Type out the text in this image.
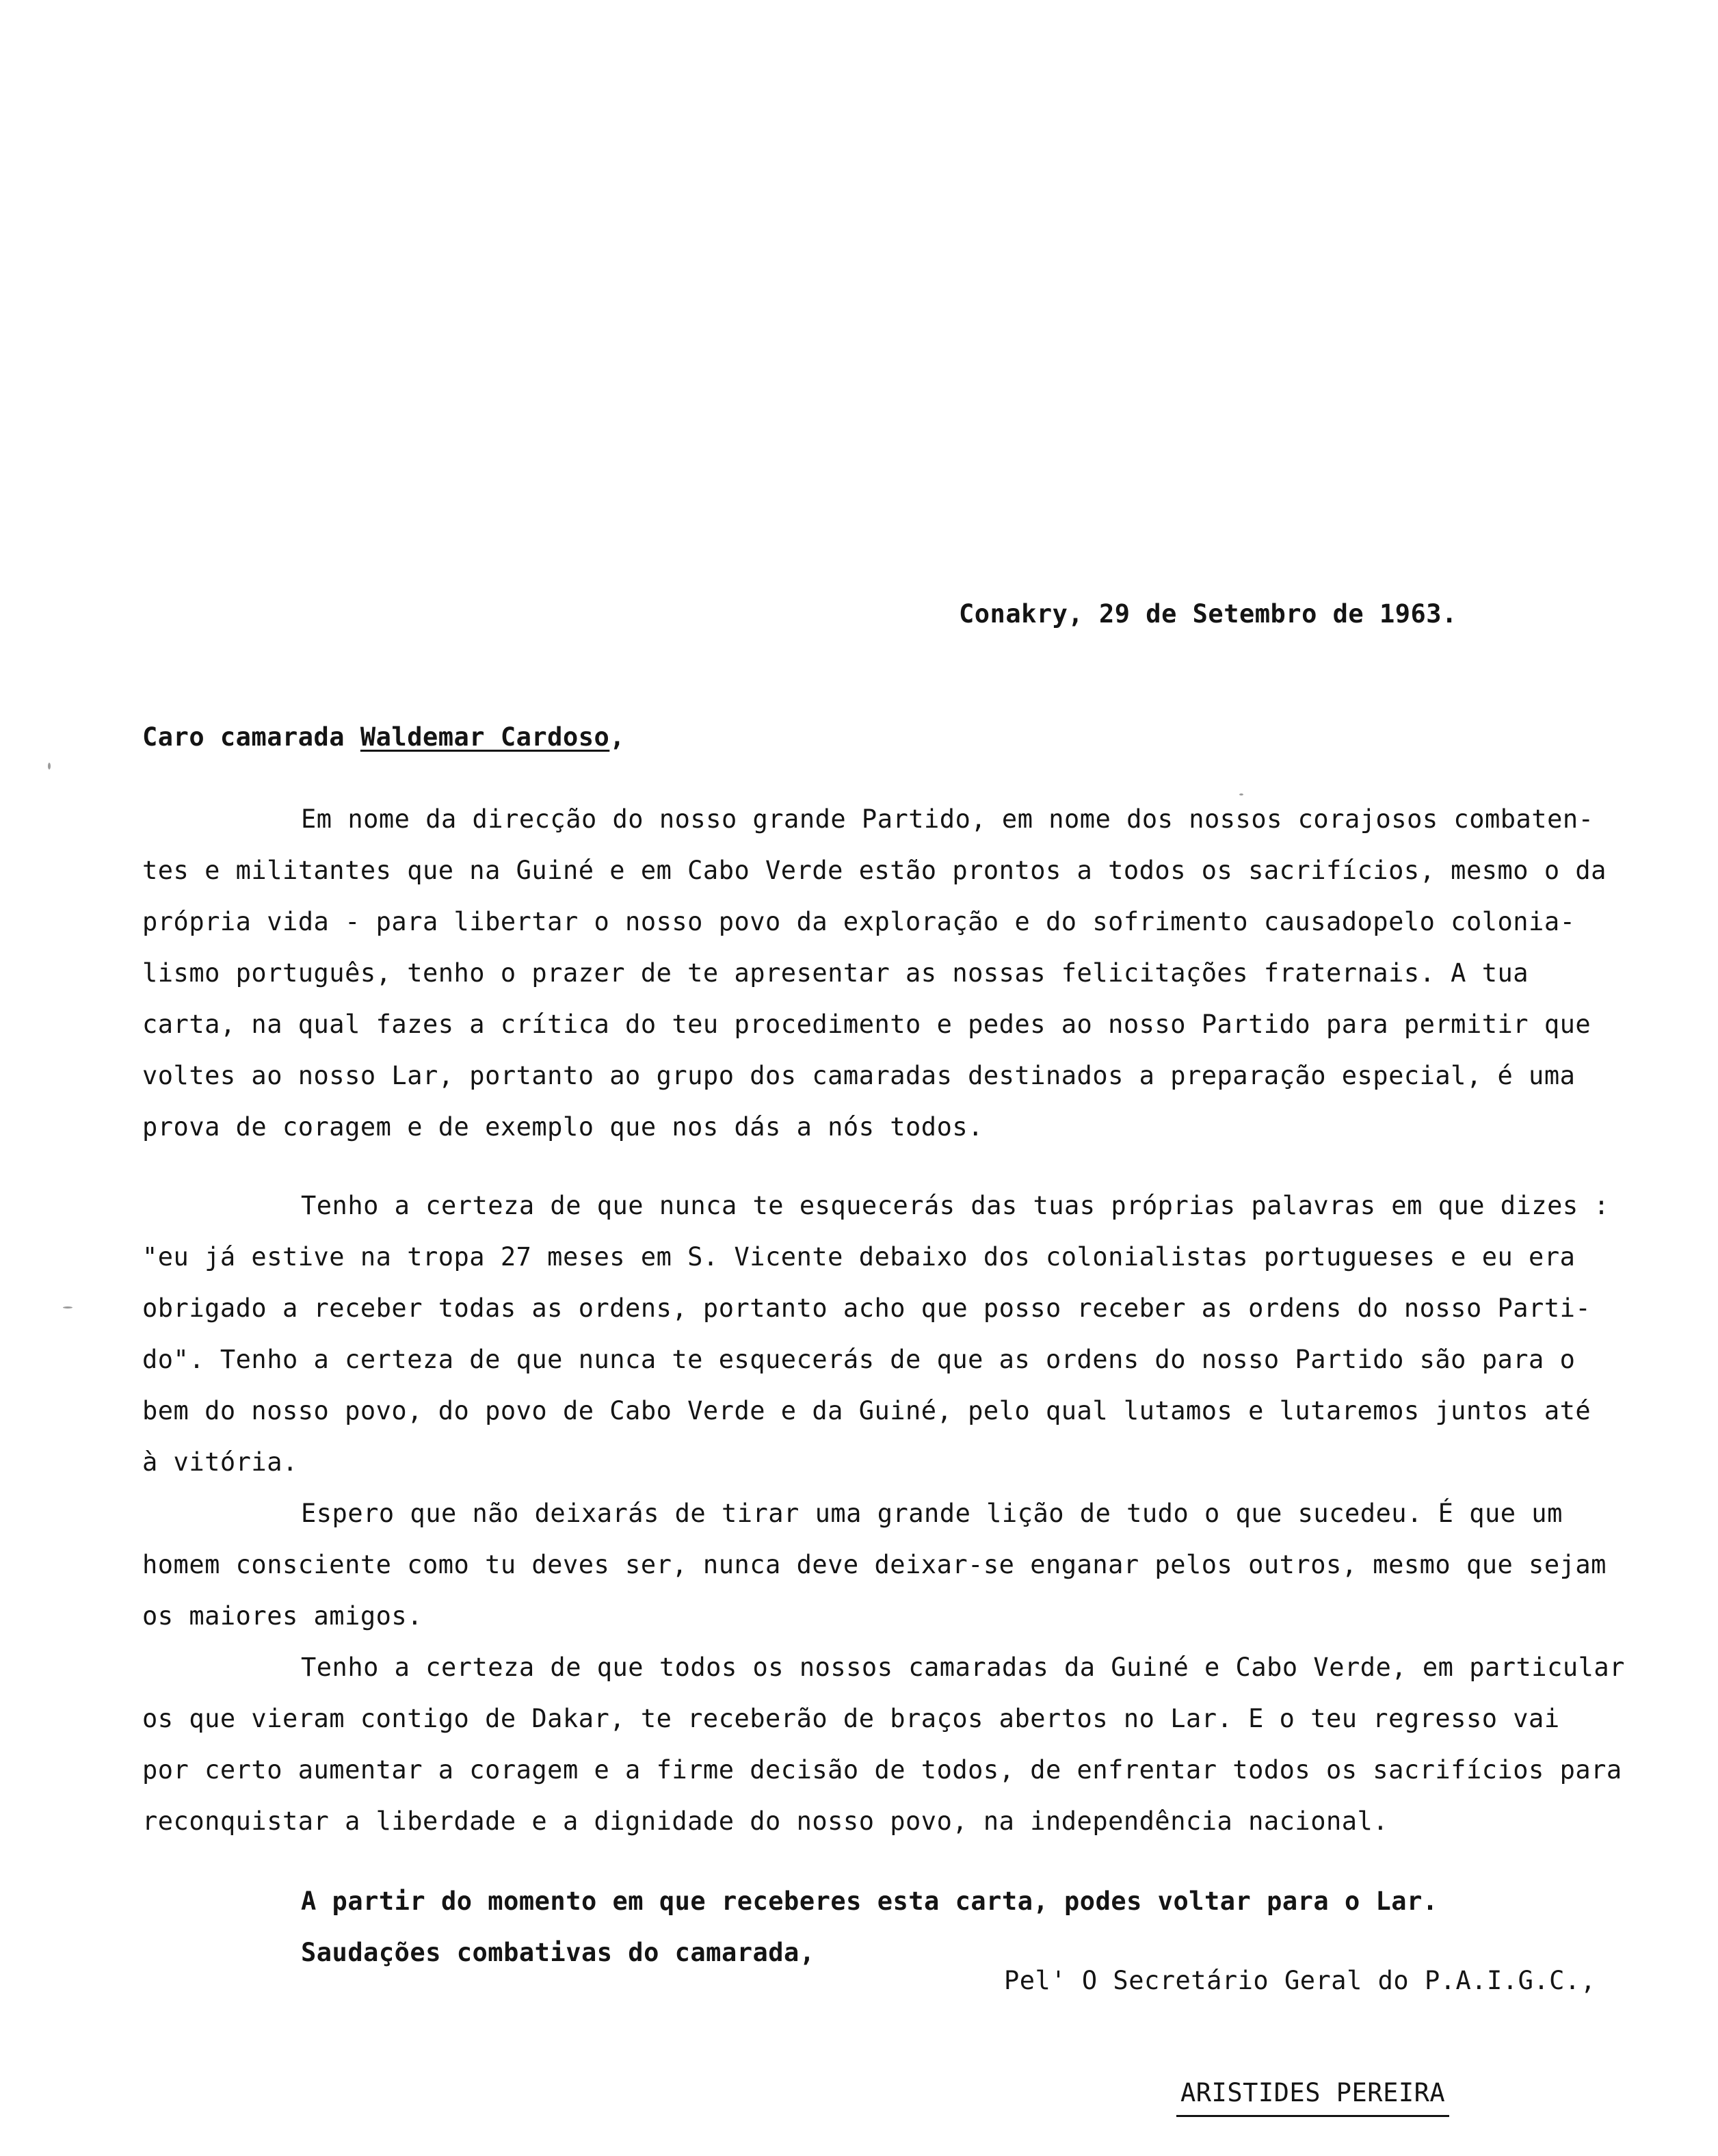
Conakry, 29 de Setembro de 1963.
Caro camarada Waldemar Cardoso,
Em nome da direcção do nosso grande Partido, em nome dos nossos corajosos combaten-
tes e militantes que na Guiné e em Cabo Verde estão prontos a todos os sacrifícios, mesmo o da
própria vida - para libertar o nosso povo da exploração e do sofrimento causadopelo colonia-
lismo português, tenho o prazer de te apresentar as nossas felicitações fraternais. A tua
carta, na qual fazes a crítica do teu procedimento e pedes ao nosso Partido para permitir que
voltes ao nosso Lar, portanto ao grupo dos camaradas destinados a preparação especial, é uma
prova de coragem e de exemplo que nos dás a nós todos.
Tenho a certeza de que nunca te esquecerás das tuas próprias palavras em que dizes :
"eu já estive na tropa 27 meses em S. Vicente debaixo dos colonialistas portugueses e eu era
obrigado a receber todas as ordens, portanto acho que posso receber as ordens do nosso Parti-
do". Tenho a certeza de que nunca te esquecerás de que as ordens do nosso Partido são para o
bem do nosso povo, do povo de Cabo Verde e da Guiné, pelo qual lutamos e lutaremos juntos até
à vitória.
Espero que não deixarás de tirar uma grande lição de tudo o que sucedeu. É que um
homem consciente como tu deves ser, nunca deve deixar-se enganar pelos outros, mesmo que sejam
os maiores amigos.
Tenho a certeza de que todos os nossos camaradas da Guiné e Cabo Verde, em particular
os que vieram contigo de Dakar, te receberão de braços abertos no Lar. E o teu regresso vai
por certo aumentar a coragem e a firme decisão de todos, de enfrentar todos os sacrifícios para
reconquistar a liberdade e a dignidade do nosso povo, na independência nacional.
A partir do momento em que receberes esta carta, podes voltar para o Lar.
Saudações combativas do camarada,
Pel' O Secretário Geral do P.A.I.G.C.,
ARISTIDES PEREIRA
